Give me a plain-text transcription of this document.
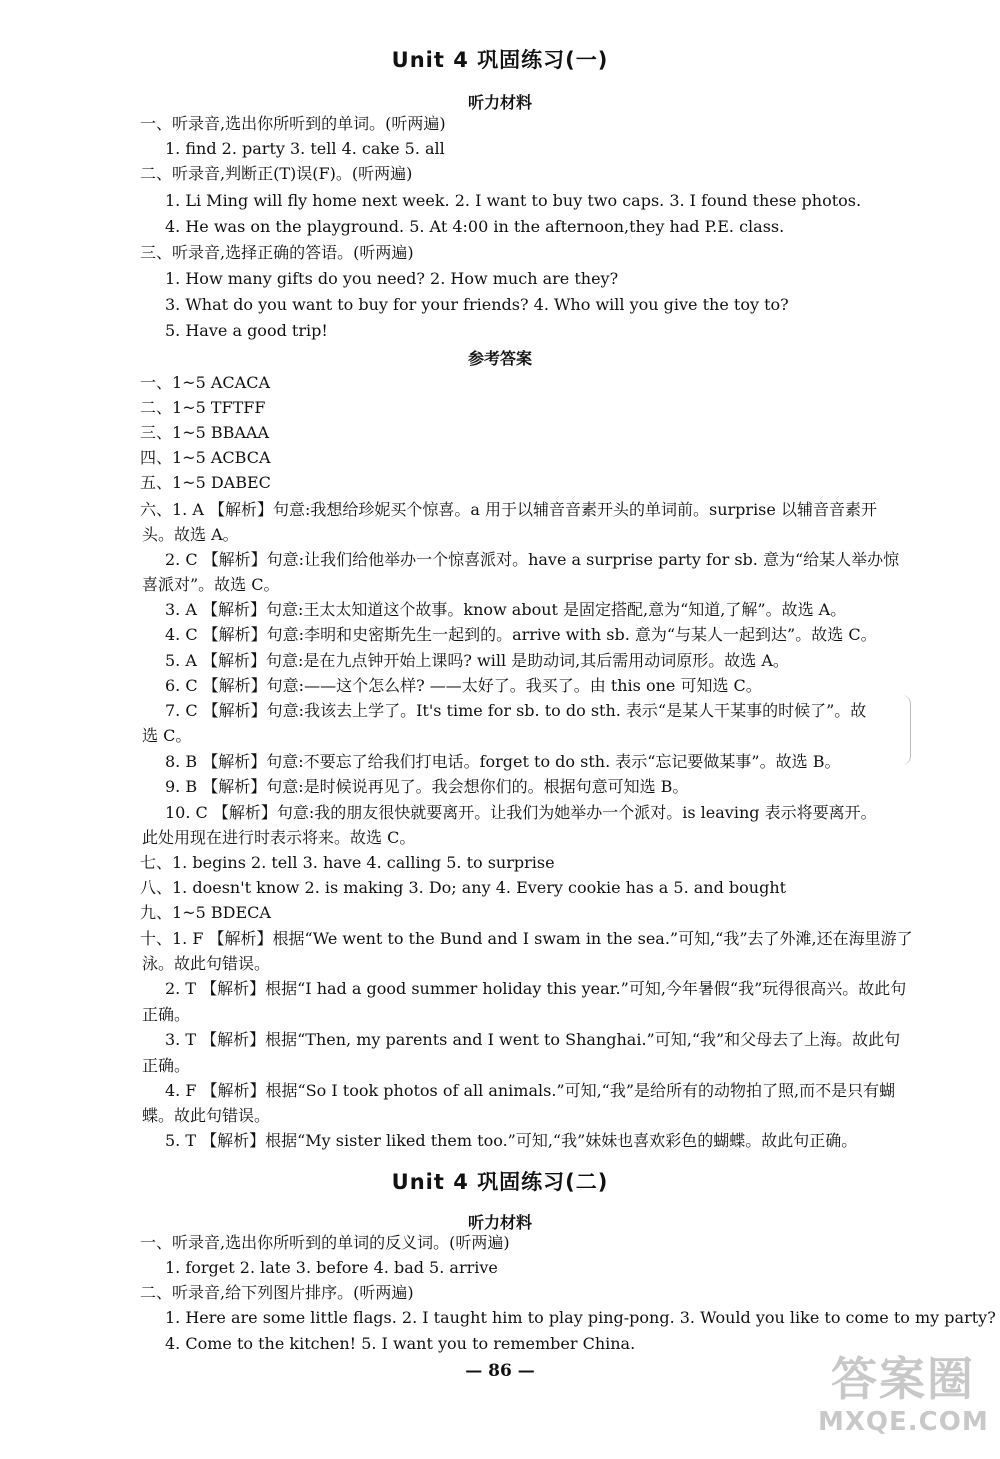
Unit 4 巩固练习(一)
听力材料
一、听录音,选出你所听到的单词。(听两遍)
1. find 2. party 3. tell 4. cake 5. all
二、听录音,判断正(T)误(F)。(听两遍)
1. Li Ming will fly home next week. 2. I want to buy two caps. 3. I found these photos.
4. He was on the playground. 5. At 4:00 in the afternoon,they had P.E. class.
三、听录音,选择正确的答语。(听两遍)
1. How many gifts do you need? 2. How much are they?
3. What do you want to buy for your friends? 4. Who will you give the toy to?
5. Have a good trip!
参考答案
一、1~5 ACACA
二、1~5 TFTFF
三、1~5 BBAAA
四、1~5 ACBCA
五、1~5 DABEC
六、1. A 【解析】句意:我想给珍妮买个惊喜。a 用于以辅音音素开头的单词前。surprise 以辅音音素开
头。故选 A。
2. C 【解析】句意:让我们给他举办一个惊喜派对。have a surprise party for sb. 意为“给某人举办惊
喜派对”。故选 C。
3. A 【解析】句意:王太太知道这个故事。know about 是固定搭配,意为“知道,了解”。故选 A。
4. C 【解析】句意:李明和史密斯先生一起到的。arrive with sb. 意为“与某人一起到达”。故选 C。
5. A 【解析】句意:是在九点钟开始上课吗? will 是助动词,其后需用动词原形。故选 A。
6. C 【解析】句意:——这个怎么样? ——太好了。我买了。由 this one 可知选 C。
7. C 【解析】句意:我该去上学了。It's time for sb. to do sth. 表示“是某人干某事的时候了”。故
选 C。
8. B 【解析】句意:不要忘了给我们打电话。forget to do sth. 表示“忘记要做某事”。故选 B。
9. B 【解析】句意:是时候说再见了。我会想你们的。根据句意可知选 B。
10. C 【解析】句意:我的朋友很快就要离开。让我们为她举办一个派对。is leaving 表示将要离开。
此处用现在进行时表示将来。故选 C。
七、1. begins 2. tell 3. have 4. calling 5. to surprise
八、1. doesn't know 2. is making 3. Do; any 4. Every cookie has a 5. and bought
九、1~5 BDECA
十、1. F 【解析】根据“We went to the Bund and I swam in the sea.”可知,“我”去了外滩,还在海里游了
泳。故此句错误。
2. T 【解析】根据“I had a good summer holiday this year.”可知,今年暑假“我”玩得很高兴。故此句
正确。
3. T 【解析】根据“Then, my parents and I went to Shanghai.”可知,“我”和父母去了上海。故此句
正确。
4. F 【解析】根据“So I took photos of all animals.”可知,“我”是给所有的动物拍了照,而不是只有蝴
蝶。故此句错误。
5. T 【解析】根据“My sister liked them too.”可知,“我”妹妹也喜欢彩色的蝴蝶。故此句正确。
Unit 4 巩固练习(二)
听力材料
一、听录音,选出你所听到的单词的反义词。(听两遍)
1. forget 2. late 3. before 4. bad 5. arrive
二、听录音,给下列图片排序。(听两遍)
1. Here are some little flags. 2. I taught him to play ping-pong. 3. Would you like to come to my party?
4. Come to the kitchen! 5. I want you to remember China.
— 86 —	答案圈
MXQE.COM
